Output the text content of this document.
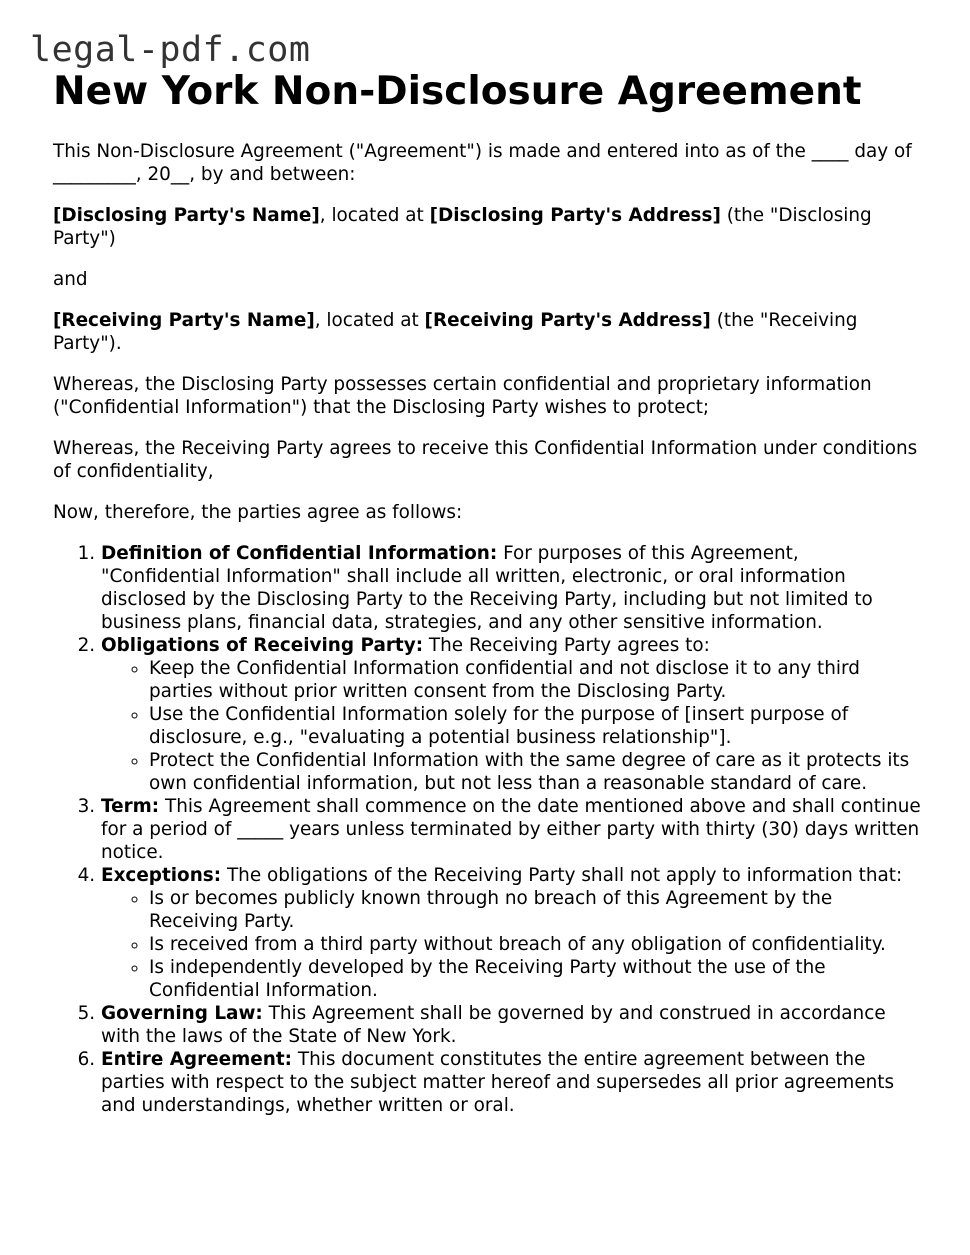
legal-pdf.com
New York Non-Disclosure Agreement

This Non-Disclosure Agreement ("Agreement") is made and entered into as of the ____ day of _________, 20__, by and between:

[Disclosing Party's Name], located at [Disclosing Party's Address] (the "Disclosing Party")

and

[Receiving Party's Name], located at [Receiving Party's Address] (the "Receiving Party").

Whereas, the Disclosing Party possesses certain confidential and proprietary information ("Confidential Information") that the Disclosing Party wishes to protect;

Whereas, the Receiving Party agrees to receive this Confidential Information under conditions of confidentiality,

Now, therefore, the parties agree as follows:

1. Definition of Confidential Information: For purposes of this Agreement, "Confidential Information" shall include all written, electronic, or oral information disclosed by the Disclosing Party to the Receiving Party, including but not limited to business plans, financial data, strategies, and any other sensitive information.
2. Obligations of Receiving Party: The Receiving Party agrees to:
◦ Keep the Confidential Information confidential and not disclose it to any third parties without prior written consent from the Disclosing Party.
◦ Use the Confidential Information solely for the purpose of [insert purpose of disclosure, e.g., "evaluating a potential business relationship"].
◦ Protect the Confidential Information with the same degree of care as it protects its own confidential information, but not less than a reasonable standard of care.
3. Term: This Agreement shall commence on the date mentioned above and shall continue for a period of _____ years unless terminated by either party with thirty (30) days written notice.
4. Exceptions: The obligations of the Receiving Party shall not apply to information that:
◦ Is or becomes publicly known through no breach of this Agreement by the Receiving Party.
◦ Is received from a third party without breach of any obligation of confidentiality.
◦ Is independently developed by the Receiving Party without the use of the Confidential Information.
5. Governing Law: This Agreement shall be governed by and construed in accordance with the laws of the State of New York.
6. Entire Agreement: This document constitutes the entire agreement between the parties with respect to the subject matter hereof and supersedes all prior agreements and understandings, whether written or oral.
